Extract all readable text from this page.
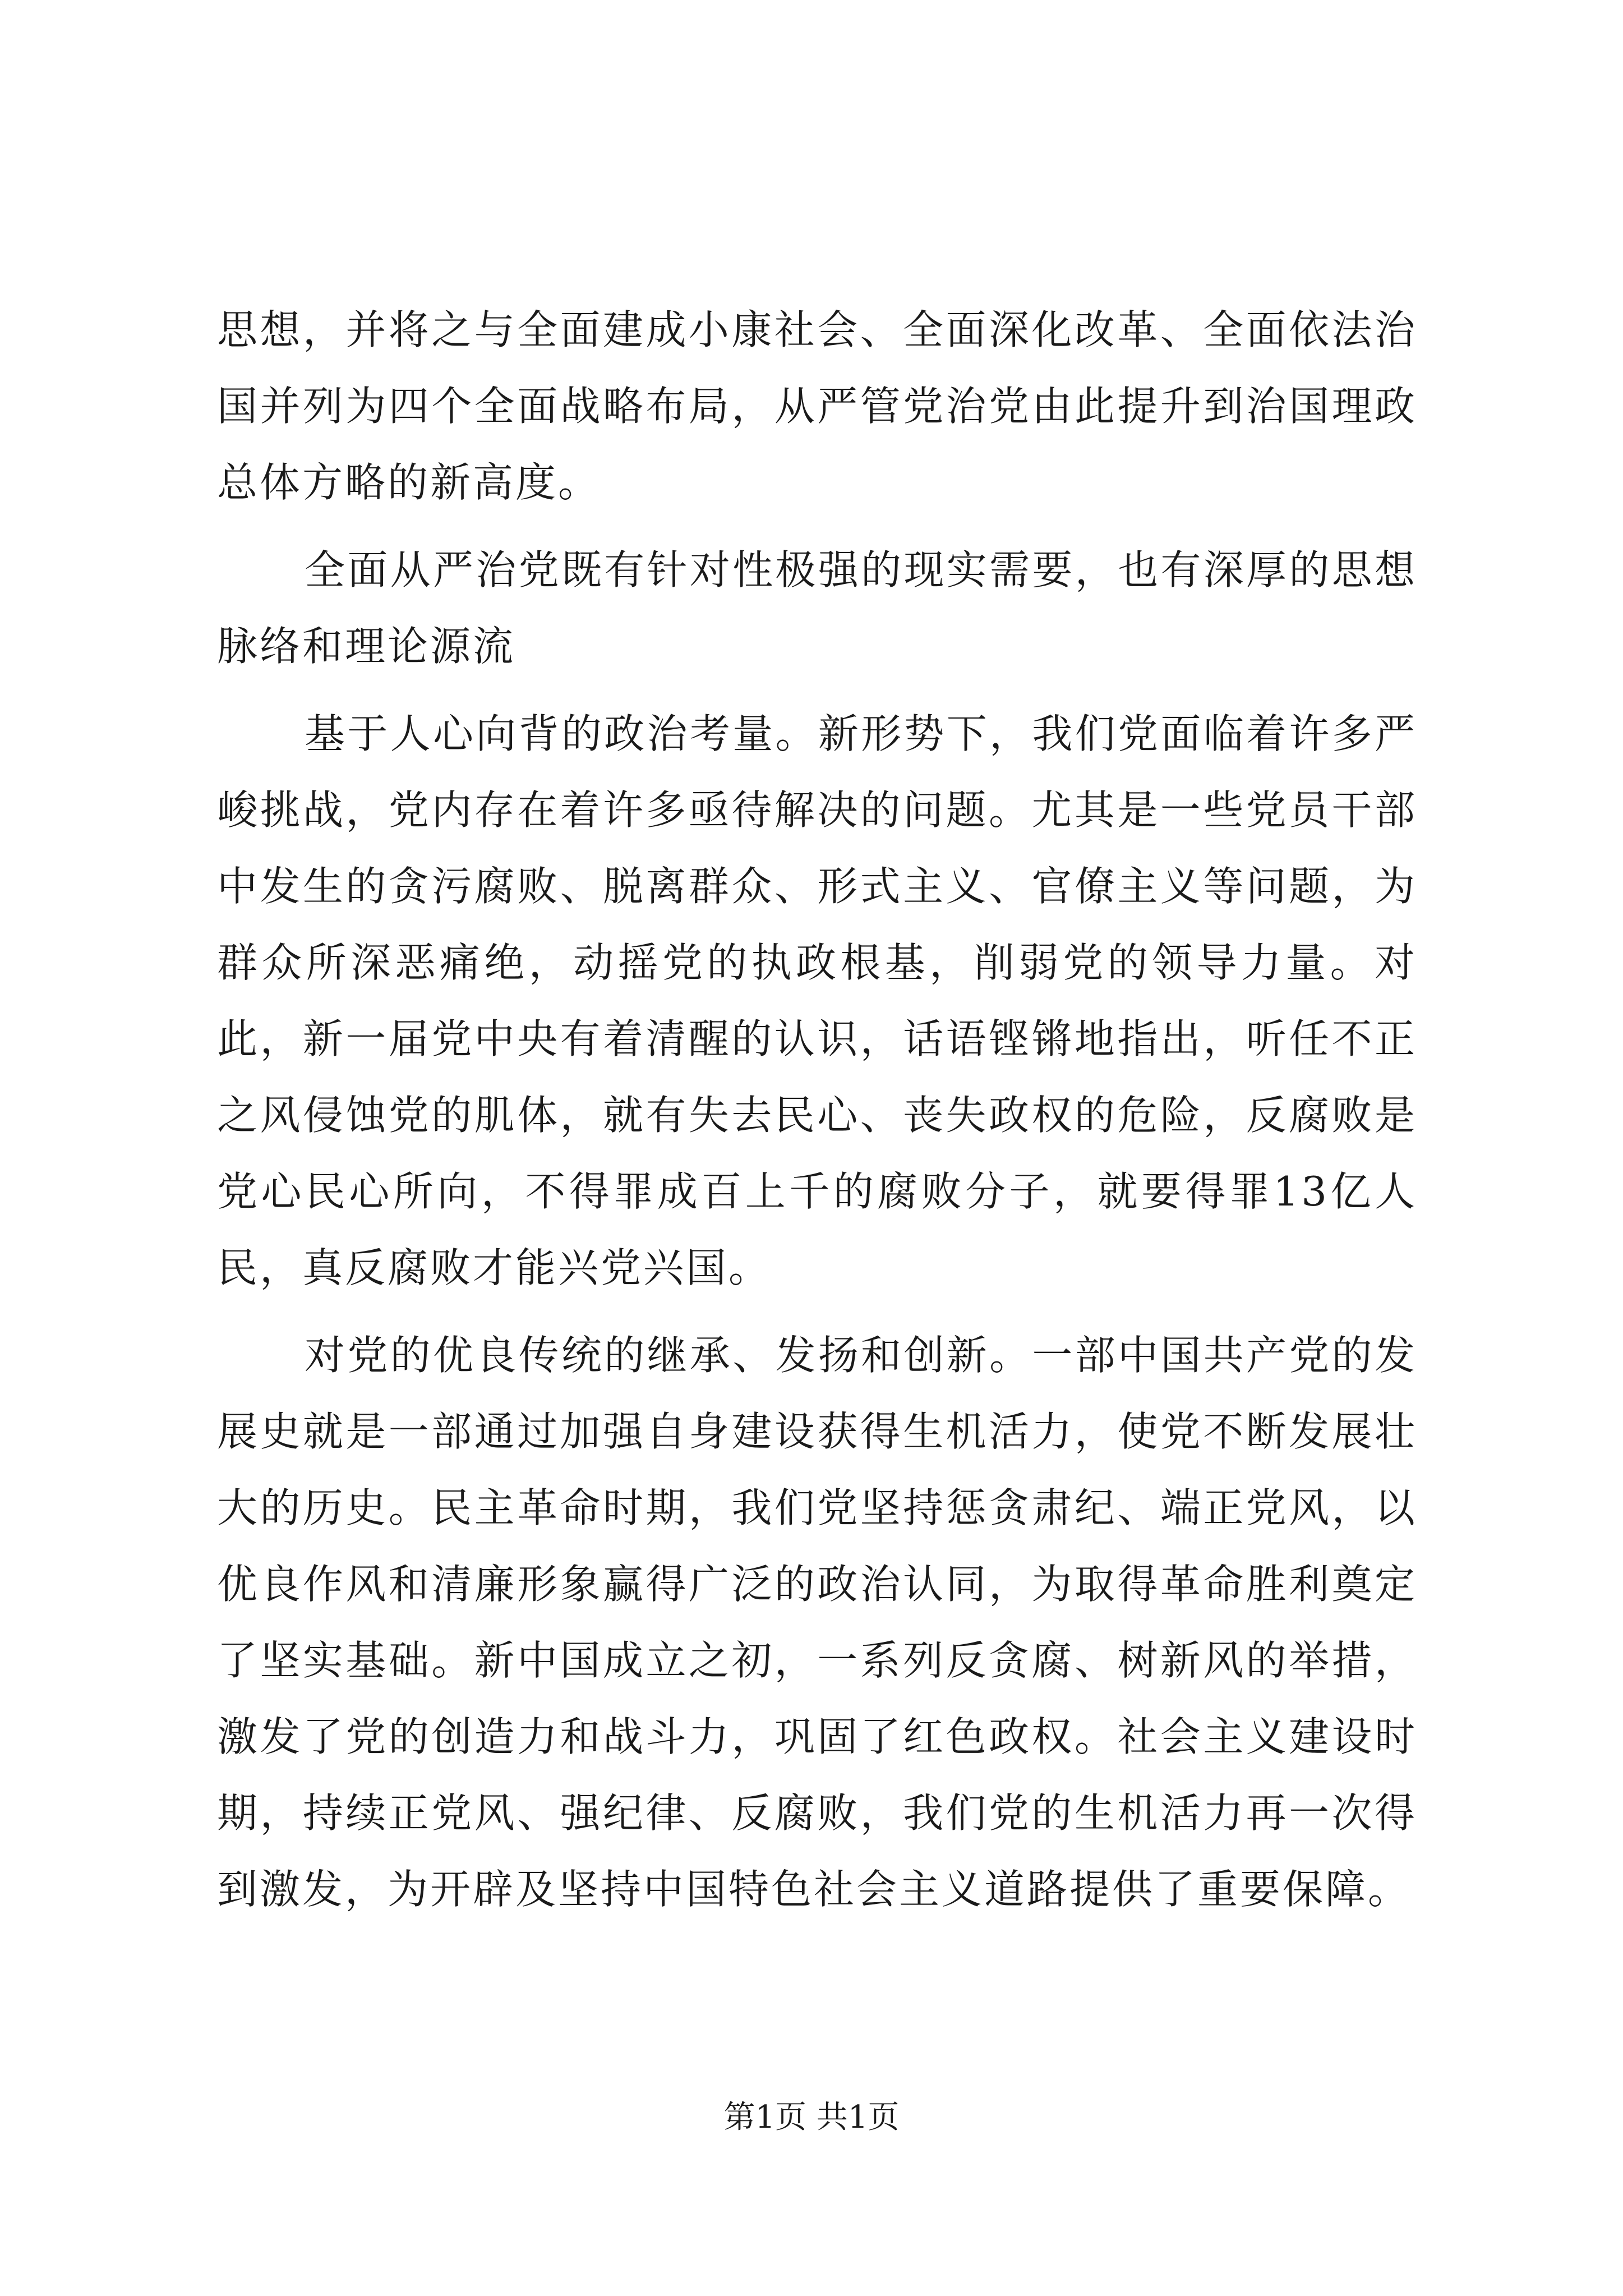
思想，并将之与全面建成小康社会、全面深化改革、全面依法治国并列为四个全面战略布局，从严管党治党由此提升到治国理政总体方略的新高度。

全面从严治党既有针对性极强的现实需要，也有深厚的思想脉络和理论源流

基于人心向背的政治考量。新形势下，我们党面临着许多严峻挑战，党内存在着许多亟待解决的问题。尤其是一些党员干部中发生的贪污腐败、脱离群众、形式主义、官僚主义等问题，为群众所深恶痛绝，动摇党的执政根基，削弱党的领导力量。对此，新一届党中央有着清醒的认识，话语铿锵地指出，听任不正之风侵蚀党的肌体，就有失去民心、丧失政权的危险，反腐败是党心民心所向，不得罪成百上千的腐败分子，就要得罪13亿人民，真反腐败才能兴党兴国。

对党的优良传统的继承、发扬和创新。一部中国共产党的发展史就是一部通过加强自身建设获得生机活力，使党不断发展壮大的历史。民主革命时期，我们党坚持惩贪肃纪、端正党风，以优良作风和清廉形象赢得广泛的政治认同，为取得革命胜利奠定了坚实基础。新中国成立之初，一系列反贪腐、树新风的举措，激发了党的创造力和战斗力，巩固了红色政权。社会主义建设时期，持续正党风、强纪律、反腐败，我们党的生机活力再一次得到激发，为开辟及坚持中国特色社会主义道路提供了重要保障。

第1页 共1页
